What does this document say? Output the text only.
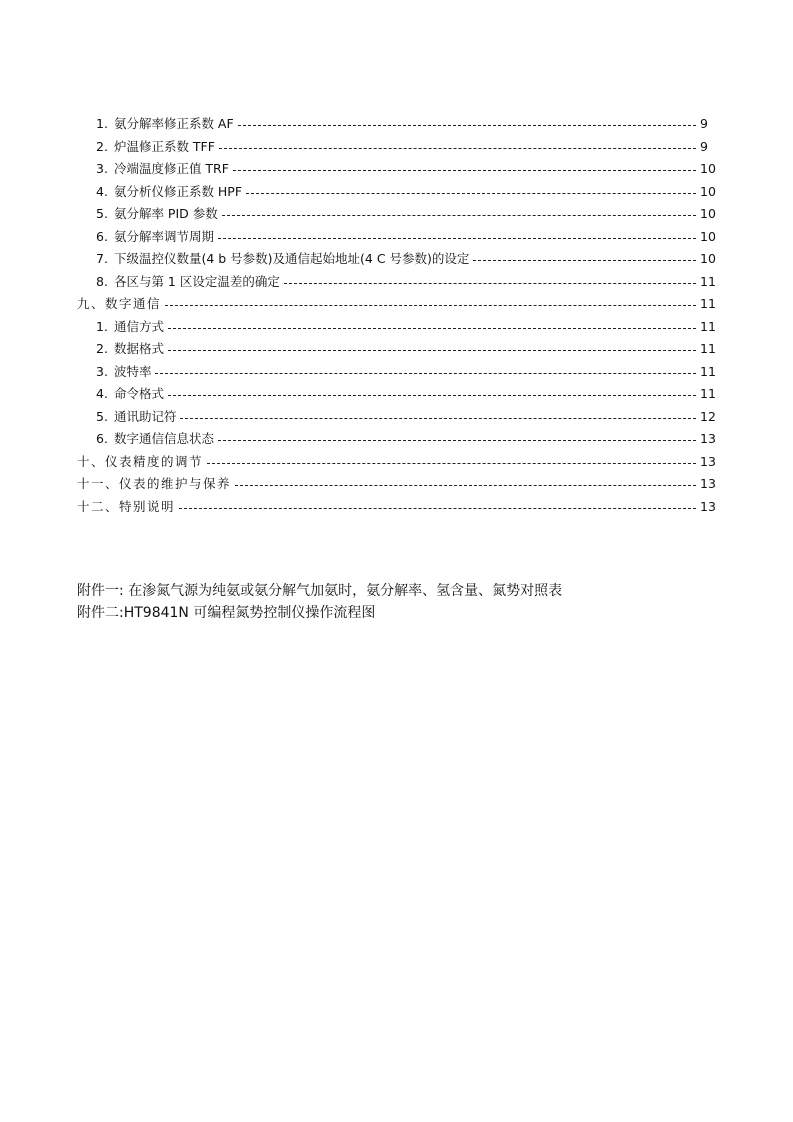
1. 氨分解率修正系数 AF	9
2. 炉温修正系数 TFF	9
3. 冷端温度修正值 TRF	10
4. 氨分析仪修正系数 HPF	10
5. 氨分解率 PID 参数	10
6. 氨分解率调节周期	10
7. 下级温控仪数量(4 b 号参数)及通信起始地址(4 C 号参数)的设定	10
8. 各区与第 1 区设定温差的确定	11
九、数字通信	11
1. 通信方式	11
2. 数据格式	11
3. 波特率	11
4. 命令格式	11
5. 通讯助记符	12
6. 数字通信信息状态	13
十、仪表精度的调节	13
十一、仪表的维护与保养	13
十二、特别说明	13
附件一: 在渗氮气源为纯氨或氨分解气加氨时，氨分解率、氢含量、氮势对照表
附件二:HT9841N 可编程氮势控制仪操作流程图
